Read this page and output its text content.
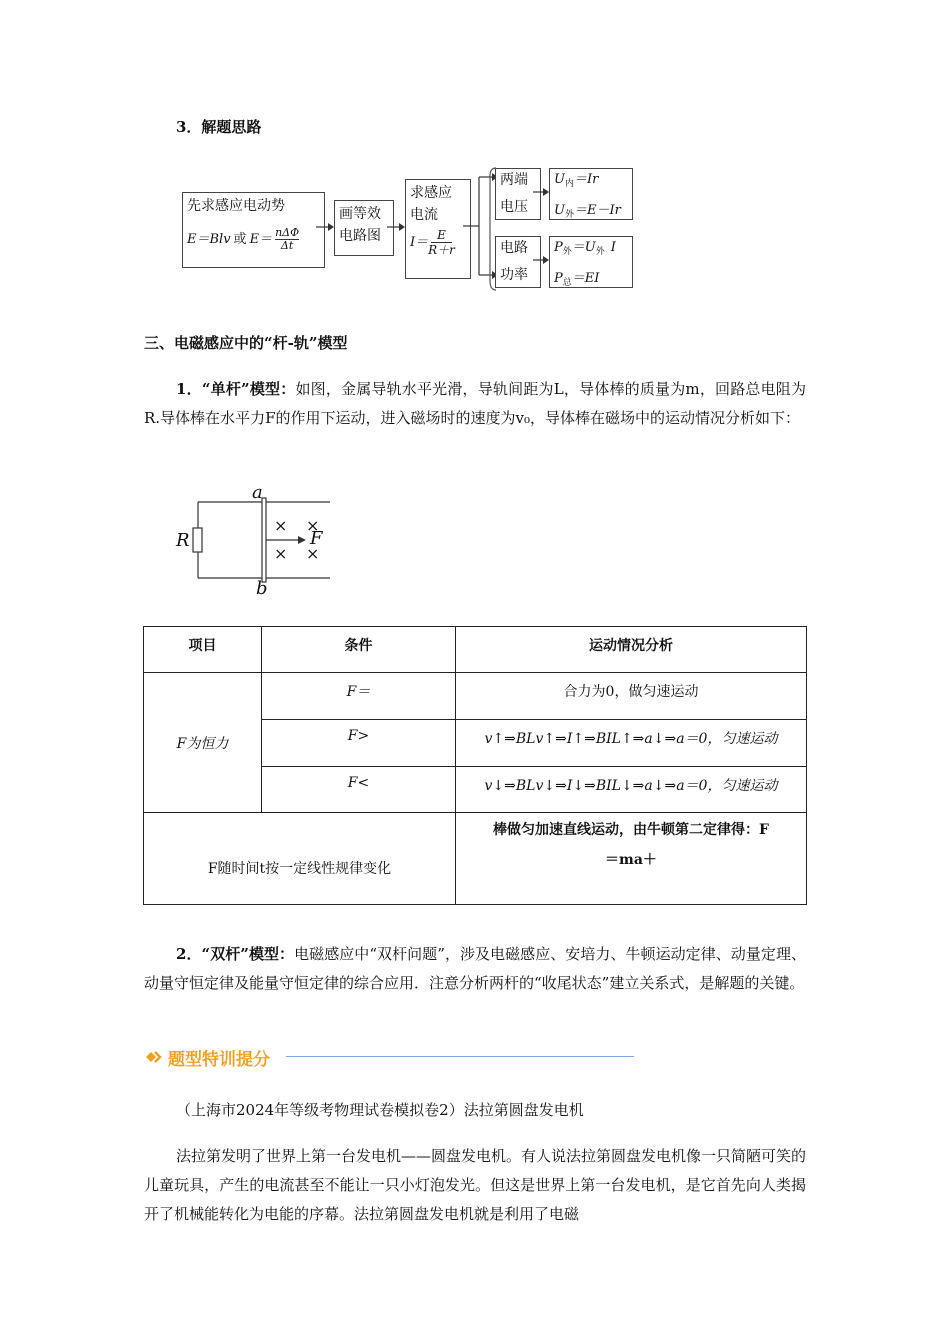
3．解题思路
先求感应电动势
E＝Blv 或 E＝ nΔΦ
Δt
画等效
电路图
求感应
电流
I＝ E
R＋r
两端
电压
$U_内=Ir$
$U_外=E-Ir$
电路
功率
$P_外=U_外$ I
$P_总=EI$
三、电磁感应中的“杆-轨”模型
1．“单杆”模型：如图，金属导轨水平光滑，导轨间距为L，导体棒的质量为m，回路总电阻为R.导体棒在水平力F的作用下运动，进入磁场时的速度为v₀，导体棒在磁场中的运动情况分析如下：
a
b
R	F
× ×
× ×
项目	条件	运动情况分析
F为恒力	F＝	合力为0，做匀速运动
	F>	v↑⇒BLv↑⇒I↑⇒BIL↑⇒a↓⇒a＝0，匀速运动
	F<	v↓⇒BLv↓⇒I↓⇒BIL↓⇒a↓⇒a＝0，匀速运动
F随时间t按一定线性规律变化		棒做匀加速直线运动，由牛顿第二定律得：F
＝ma＋
2．“双杆”模型：电磁感应中“双杆问题”，涉及电磁感应、安培力、牛顿运动定律、动量定理、动量守恒定律及能量守恒定律的综合应用．注意分析两杆的“收尾状态”建立关系式，是解题的关键。
题型特训提分
（上海市2024年等级考物理试卷模拟卷2）法拉第圆盘发电机
法拉第发明了世界上第一台发电机——圆盘发电机。有人说法拉第圆盘发电机像一只简陋可笑的儿童玩具，产生的电流甚至不能让一只小灯泡发光。但这是世界上第一台发电机，是它首先向人类揭开了机械能转化为电能的序幕。法拉第圆盘发电机就是利用了电磁
